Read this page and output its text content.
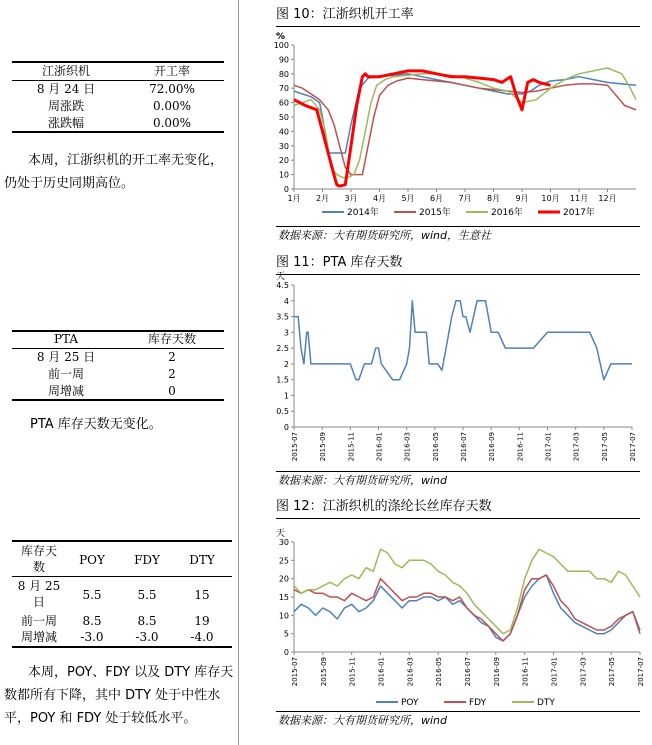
江浙织机	开工率
8 月 24 日	72.00%
周涨跌	0.00%
涨跌幅	0.00%
本周，江浙织机的开工率无变化，
仍处于历史同期高位。
PTA	库存天数
8 月 25 日	2
前一周	2
周增减	0
PTA 库存天数无变化。
库存天
数	POY	FDY	DTY
8 月 25
日	5.5	5.5	15
前一周	8.5	8.5	19
周增减	-3.0	-3.0	-4.0
本周，POY、FDY 以及 DTY 库存天
数都所有下降，其中 DTY 处于中性水
平，POY 和 FDY 处于较低水平。
图 10：江浙织机开工率
%
0
10
20
30
40
50
60
70
80
90
100
1月 2月 3月 4月 5月 6月 7月 8月 9月 10月 11月 12月
2014年	2015年	2016年	2017年
数据来源：大有期货研究所，wind，生意社
图 11：PTA 库存天数
天
0
0.5
1
1.5
2
2.5
3
3.5
4
4.5
2015-07	2015-09	2015-11	2016-01	2016-03	2016-05	2016-07	2016-09	2016-11	2017-01	2017-03	2017-05	2017-07
数据来源：大有期货研究所，wind
图 12：江浙织机的涤纶长丝库存天数
天
0
5
10
15
20
25
30
2015-07	2015-09	2015-11	2016-01	2016-03	2016-05	2016-07	2016-09	2016-11	2017-01	2017-03	2017-05	2017-07
POY	FDY	DTY
数据来源：大有期货研究所，wind
